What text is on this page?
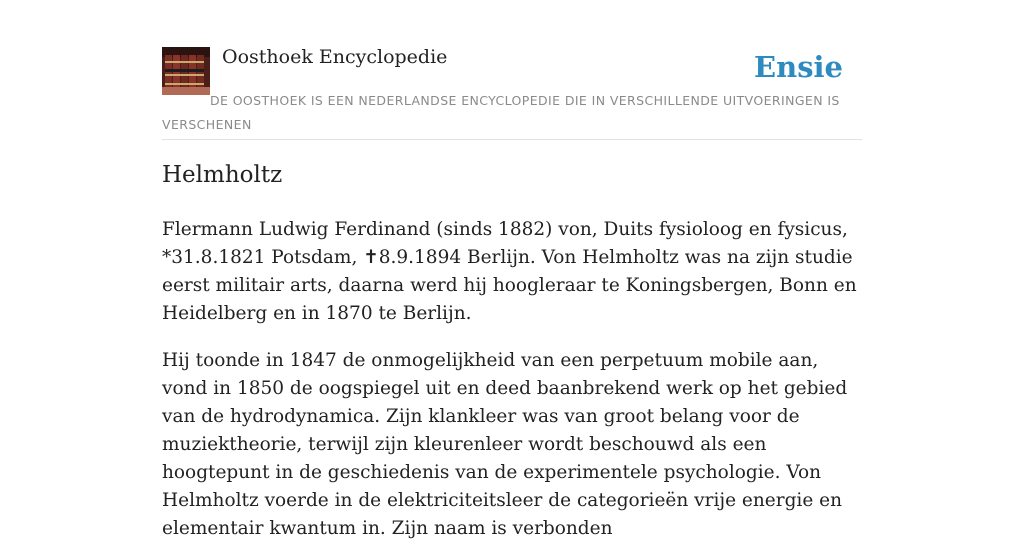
Oosthoek Encyclopedie	Ensie
DE OOSTHOEK IS EEN NEDERLANDSE ENCYCLOPEDIE DIE IN VERSCHILLENDE UITVOERINGEN IS VERSCHENEN
Helmholtz

Flermann Ludwig Ferdinand (sinds 1882) von, Duits fysioloog en fysicus, *31.8.1821 Potsdam, ✝8.9.1894 Berlijn. Von Helmholtz was na zijn studie eerst militair arts, daarna werd hij hoogleraar te Koningsbergen, Bonn en Heidelberg en in 1870 te Berlijn.

Hij toonde in 1847 de onmogelijkheid van een perpetuum mobile aan, vond in 1850 de oogspiegel uit en deed baanbrekend werk op het gebied van de hydrodynamica. Zijn klankleer was van groot belang voor de muziektheorie, terwijl zijn kleurenleer wordt beschouwd als een hoogtepunt in de geschiedenis van de experimentele psychologie. Von Helmholtz voerde in de elektriciteitsleer de categorieën vrije energie en elementair kwantum in. Zijn naam is verbonden
